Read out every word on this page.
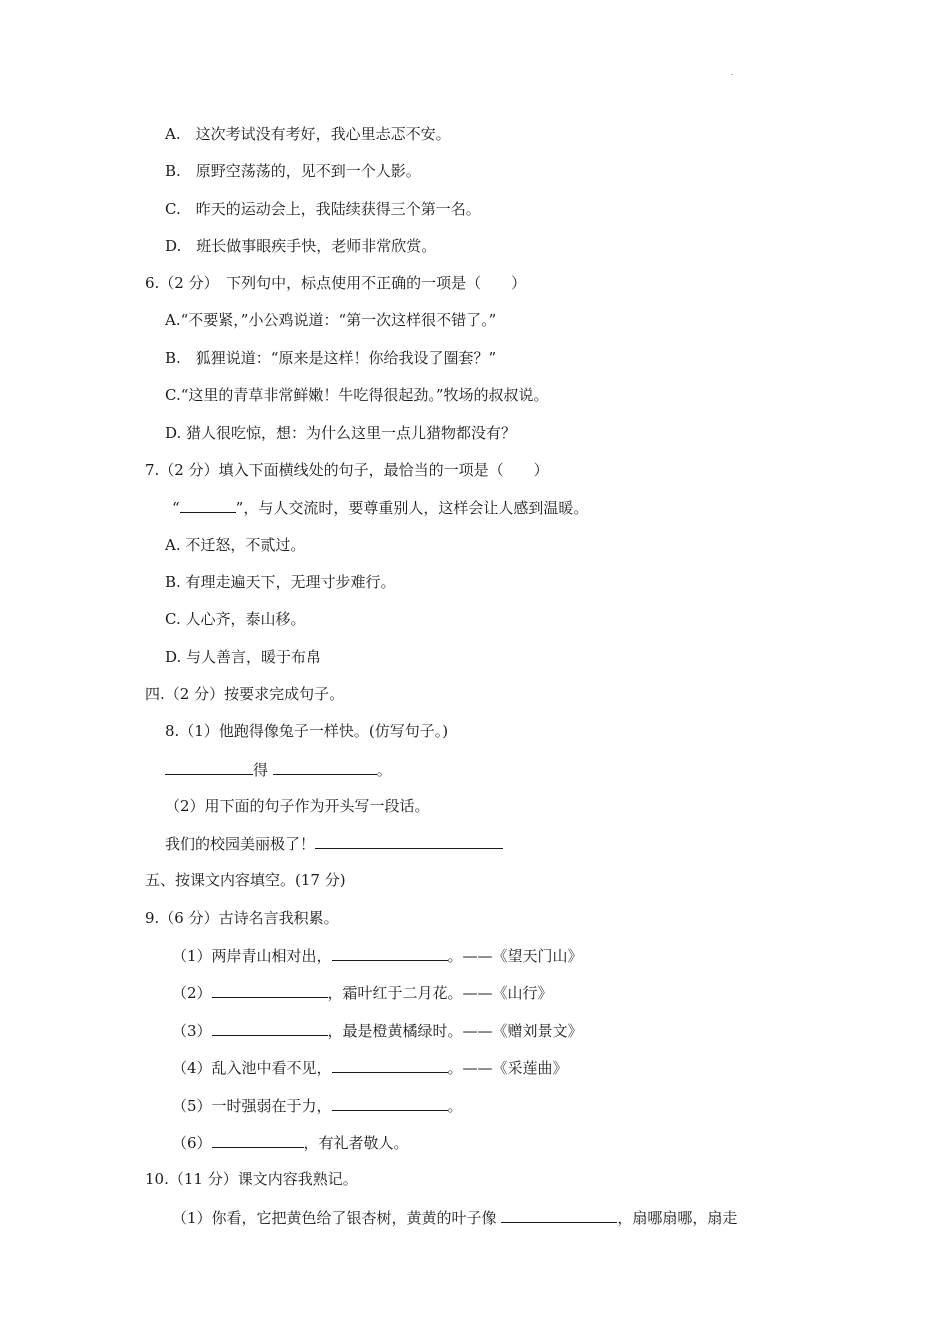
A.　这次考试没有考好，我心里忐忑不安。
B.　原野空荡荡的，见不到一个人影。
C.　昨天的运动会上，我陆续获得三个第一名。
D.　班长做事眼疾手快，老师非常欣赏。
6.（2 分）　下列句中，标点使用不正确的一项是（　　）
A.“不要紧，”小公鸡说道：“第一次这样很不错了。”
B.　狐狸说道：“原来是这样！你给我设了圈套？”
C.“这里的青草非常鲜嫩！牛吃得很起劲。”牧场的叔叔说。
D. 猎人很吃惊，想：为什么这里一点儿猎物都没有？
7.（2 分）填入下面横线处的句子，最恰当的一项是（　　）
“	”，与人交流时，要尊重别人，这样会让人感到温暖。
A. 不迁怒，不贰过。
B. 有理走遍天下，无理寸步难行。
C. 人心齐，泰山移。
D. 与人善言，暖于布帛
四.（2 分）按要求完成句子。
8.（1）他跑得像兔子一样快。(仿写句子。)
得	。
（2）用下面的句子作为开头写一段话。
我们的校园美丽极了！
五、按课文内容填空。(17 分)
9.（6 分）古诗名言我积累。
（1）两岸青山相对出，	。——《望天门山》
（2）	，霜叶红于二月花。——《山行》
（3）	，最是橙黄橘绿时。——《赠刘景文》
（4）乱入池中看不见，	。——《采莲曲》
（5）一时强弱在于力，	。
（6）	，有礼者敬人。
10.（11 分）课文内容我熟记。
（1）你看，它把黄色给了银杏树，黄黄的叶子像	，扇哪扇哪，扇走
